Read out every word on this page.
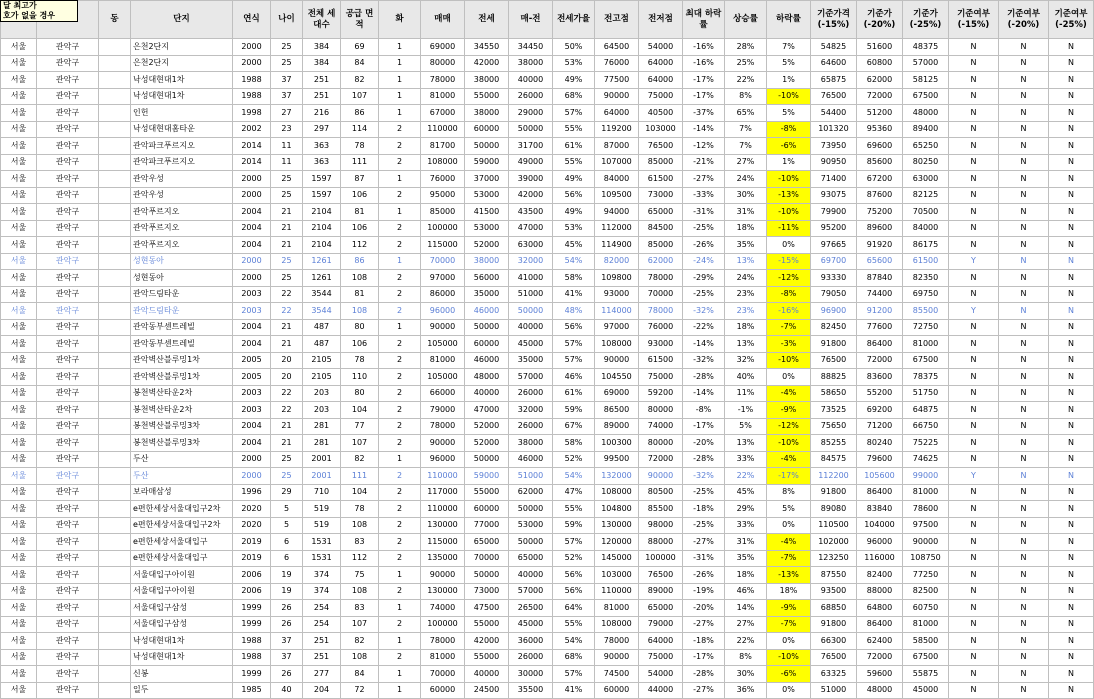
		동	단지	연식	나이	전체 세대수	공급 면적	화	매매	전세	매-전	전세가율	전고점	전저점	최대 하락률	상승률	하락률	기준가격(-15%)	기준가 (-20%)	기준가 (-25%)	기준여부 (-15%)	기준여부 (-20%)	기준여부 (-25%)
서울	관악구		은천2단지	2000	25	384	69	1	69000	34550	34450	50%	64500	54000	-16%	28%	7%	54825	51600	48375	N	N	N
서울	관악구		은천2단지	2000	25	384	84	1	80000	42000	38000	53%	76000	64000	-16%	25%	5%	64600	60800	57000	N	N	N
서울	관악구		낙성대현대1차	1988	37	251	82	1	78000	38000	40000	49%	77500	64000	-17%	22%	1%	65875	62000	58125	N	N	N
서울	관악구		낙성대현대1차	1988	37	251	107	1	81000	55000	26000	68%	90000	75000	-17%	8%	-10%	76500	72000	67500	N	N	N
서울	관악구		인헌	1998	27	216	86	1	67000	38000	29000	57%	64000	40500	-37%	65%	5%	54400	51200	48000	N	N	N
서울	관악구		낙성대현대홈타운	2002	23	297	114	2	110000	60000	50000	55%	119200	103000	-14%	7%	-8%	101320	95360	89400	N	N	N
서울	관악구		관악파크푸르지오	2014	11	363	78	2	81700	50000	31700	61%	87000	76500	-12%	7%	-6%	73950	69600	65250	N	N	N
서울	관악구		관악파크푸르지오	2014	11	363	111	2	108000	59000	49000	55%	107000	85000	-21%	27%	1%	90950	85600	80250	N	N	N
서울	관악구		관악우성	2000	25	1597	87	1	76000	37000	39000	49%	84000	61500	-27%	24%	-10%	71400	67200	63000	N	N	N
서울	관악구		관악우성	2000	25	1597	106	2	95000	53000	42000	56%	109500	73000	-33%	30%	-13%	93075	87600	82125	N	N	N
서울	관악구		관악푸르지오	2004	21	2104	81	1	85000	41500	43500	49%	94000	65000	-31%	31%	-10%	79900	75200	70500	N	N	N
서울	관악구		관악푸르지오	2004	21	2104	106	2	100000	53000	47000	53%	112000	84500	-25%	18%	-11%	95200	89600	84000	N	N	N
서울	관악구		관악푸르지오	2004	21	2104	112	2	115000	52000	63000	45%	114900	85000	-26%	35%	0%	97665	91920	86175	N	N	N
서울	관악구		성현동아	2000	25	1261	86	1	70000	38000	32000	54%	82000	62000	-24%	13%	-15%	69700	65600	61500	Y	N	N
서울	관악구		성현동아	2000	25	1261	108	2	97000	56000	41000	58%	109800	78000	-29%	24%	-12%	93330	87840	82350	N	N	N
서울	관악구		관악드림타운	2003	22	3544	81	2	86000	35000	51000	41%	93000	70000	-25%	23%	-8%	79050	74400	69750	N	N	N
서울	관악구		관악드림타운	2003	22	3544	108	2	96000	46000	50000	48%	114000	78000	-32%	23%	-16%	96900	91200	85500	Y	N	N
서울	관악구		관악동부센트레빌	2004	21	487	80	1	90000	50000	40000	56%	97000	76000	-22%	18%	-7%	82450	77600	72750	N	N	N
서울	관악구		관악동부센트레빌	2004	21	487	106	2	105000	60000	45000	57%	108000	93000	-14%	13%	-3%	91800	86400	81000	N	N	N
서울	관악구		관악벽산블루밍1차	2005	20	2105	78	2	81000	46000	35000	57%	90000	61500	-32%	32%	-10%	76500	72000	67500	N	N	N
서울	관악구		관악벽산블루밍1차	2005	20	2105	110	2	105000	48000	57000	46%	104550	75000	-28%	40%	0%	88825	83600	78375	N	N	N
서울	관악구		봉천벽산타운2차	2003	22	203	80	2	66000	40000	26000	61%	69000	59200	-14%	11%	-4%	58650	55200	51750	N	N	N
서울	관악구		봉천벽산타운2차	2003	22	203	104	2	79000	47000	32000	59%	86500	80000	-8%	-1%	-9%	73525	69200	64875	N	N	N
서울	관악구		봉천벽산블루밍3차	2004	21	281	77	2	78000	52000	26000	67%	89000	74000	-17%	5%	-12%	75650	71200	66750	N	N	N
서울	관악구		봉천벽산블루밍3차	2004	21	281	107	2	90000	52000	38000	58%	100300	80000	-20%	13%	-10%	85255	80240	75225	N	N	N
서울	관악구		두산	2000	25	2001	82	1	96000	50000	46000	52%	99500	72000	-28%	33%	-4%	84575	79600	74625	N	N	N
서울	관악구		두산	2000	25	2001	111	2	110000	59000	51000	54%	132000	90000	-32%	22%	-17%	112200	105600	99000	Y	N	N
서울	관악구		보라매삼성	1996	29	710	104	2	117000	55000	62000	47%	108000	80500	-25%	45%	8%	91800	86400	81000	N	N	N
서울	관악구		e편한세상서울대입구2차	2020	5	519	78	2	110000	60000	50000	55%	104800	85500	-18%	29%	5%	89080	83840	78600	N	N	N
서울	관악구		e편한세상서울대입구2차	2020	5	519	108	2	130000	77000	53000	59%	130000	98000	-25%	33%	0%	110500	104000	97500	N	N	N
서울	관악구		e편한세상서울대입구	2019	6	1531	83	2	115000	65000	50000	57%	120000	88000	-27%	31%	-4%	102000	96000	90000	N	N	N
서울	관악구		e편한세상서울대입구	2019	6	1531	112	2	135000	70000	65000	52%	145000	100000	-31%	35%	-7%	123250	116000	108750	N	N	N
서울	관악구		서울대입구아이원	2006	19	374	75	1	90000	50000	40000	56%	103000	76500	-26%	18%	-13%	87550	82400	77250	N	N	N
서울	관악구		서울대입구아이원	2006	19	374	108	2	130000	73000	57000	56%	110000	89000	-19%	46%	18%	93500	88000	82500	N	N	N
서울	관악구		서울대입구삼성	1999	26	254	83	1	74000	47500	26500	64%	81000	65000	-20%	14%	-9%	68850	64800	60750	N	N	N
서울	관악구		서울대입구삼성	1999	26	254	107	2	100000	55000	45000	55%	108000	79000	-27%	27%	-7%	91800	86400	81000	N	N	N
서울	관악구		낙성대현대1차	1988	37	251	82	1	78000	42000	36000	54%	78000	64000	-18%	22%	0%	66300	62400	58500	N	N	N
서울	관악구		낙성대현대1차	1988	37	251	108	2	81000	55000	26000	68%	90000	75000	-17%	8%	-10%	76500	72000	67500	N	N	N
서울	관악구		신봉	1999	26	277	84	1	70000	40000	30000	57%	74500	54000	-28%	30%	-6%	63325	59600	55875	N	N	N
서울	관악구		일두	1985	40	204	72	1	60000	24500	35500	41%	60000	44000	-27%	36%	0%	51000	48000	45000	N	N	N
달 최고가
호가 없을 경우
